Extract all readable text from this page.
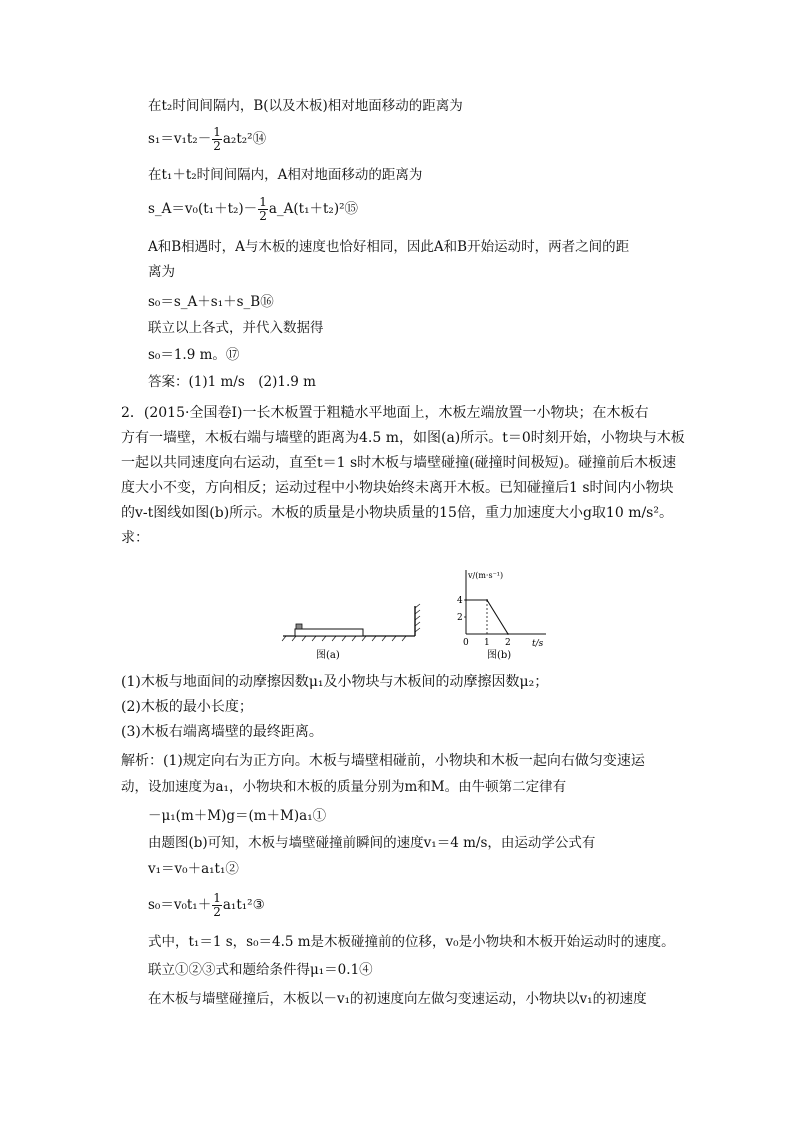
在t₂时间间隔内，B(以及木板)相对地面移动的距离为
$s_1=v_1t_2- \frac{1}{2}$ a₂t₂²⑭
在t₁＋t₂时间间隔内，A相对地面移动的距离为
s_A＝v₀(t₁＋t₂)－ $\frac{1}{2}$ a_A(t₁＋t₂)²⑮
A和B相遇时，A与木板的速度也恰好相同，因此A和B开始运动时，两者之间的距
离为
s₀＝s_A＋s₁＋s_B⑯
联立以上各式，并代入数据得
s₀＝1.9 m。⑰
答案：(1)1 m/s　(2)1.9 m
2．(2015·全国卷Ⅰ)一长木板置于粗糙水平地面上，木板左端放置一小物块；在木板右
方有一墙壁，木板右端与墙壁的距离为4.5 m，如图(a)所示。t＝0时刻开始，小物块与木板
一起以共同速度向右运动，直至t＝1 s时木板与墙壁碰撞(碰撞时间极短)。碰撞前后木板速
度大小不变，方向相反；运动过程中小物块始终未离开木板。已知碰撞后1 s时间内小物块
的v-t图线如图(b)所示。木板的质量是小物块质量的15倍，重力加速度大小g取10 m/s²。
求：
图(a)
v/(m·s⁻¹)
t/s
4
2
0 1 2
图(b)
(1)木板与地面间的动摩擦因数μ₁及小物块与木板间的动摩擦因数μ₂；
(2)木板的最小长度；
(3)木板右端离墙壁的最终距离。
解析：(1)规定向右为正方向。木板与墙壁相碰前，小物块和木板一起向右做匀变速运
动，设加速度为a₁，小物块和木板的质量分别为m和M。由牛顿第二定律有
－μ₁(m＋M)g＝(m＋M)a₁①
由题图(b)可知，木板与墙壁碰撞前瞬间的速度v₁＝4 m/s，由运动学公式有
v₁＝v₀＋a₁t₁②
$s_0=v_0t_1+ \frac{1}{2}$ a₁t₁²③
式中，t₁＝1 s，s₀＝4.5 m是木板碰撞前的位移，v₀是小物块和木板开始运动时的速度。
联立①②③式和题给条件得μ₁＝0.1④
在木板与墙壁碰撞后，木板以－v₁的初速度向左做匀变速运动，小物块以v₁的初速度
